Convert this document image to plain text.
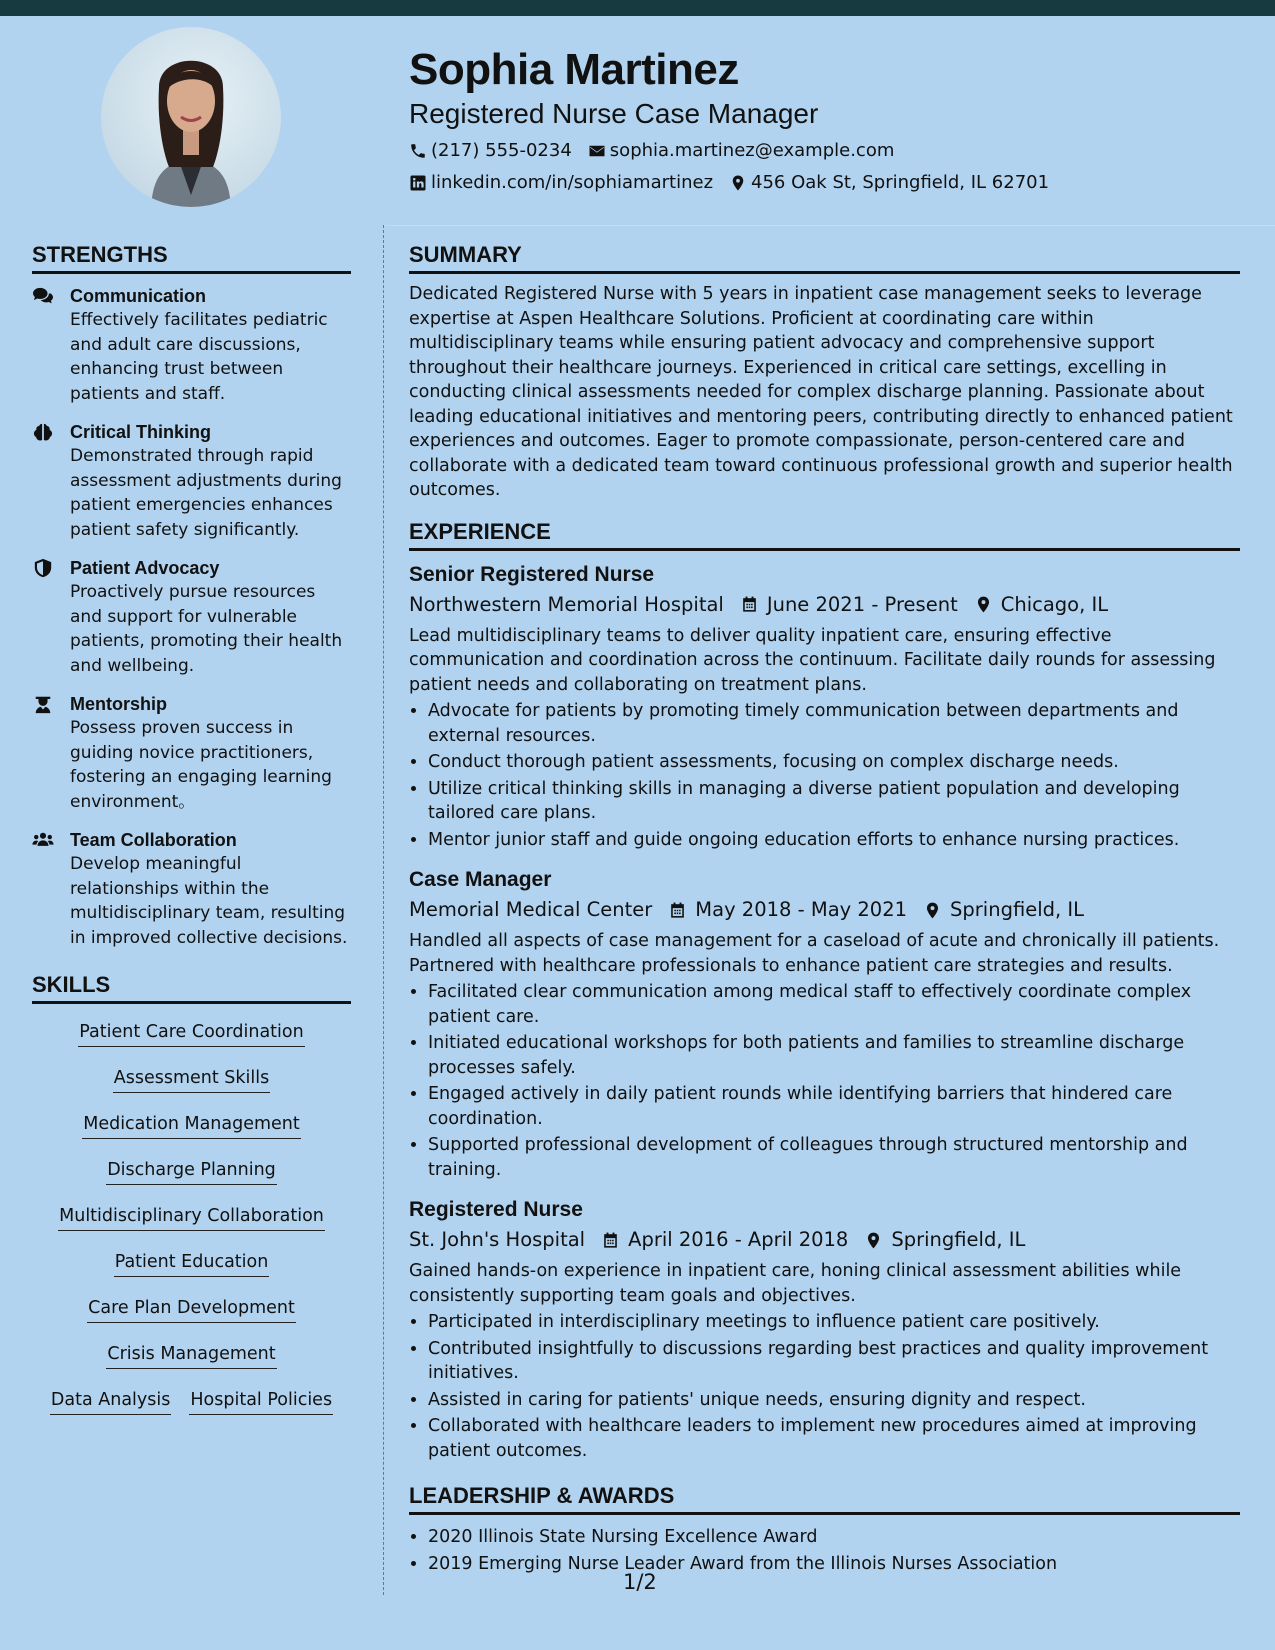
Sophia Martinez
Registered Nurse Case Manager
(217) 555-0234 sophia.martinez@example.com
linkedin.com/in/sophiamartinez 456 Oak St, Springfield, IL 62701
STRENGTHS
Communication
Effectively facilitates pediatric and adult care discussions, enhancing trust between patients and staff.
Critical Thinking
Demonstrated through rapid assessment adjustments during patient emergencies enhances patient safety significantly.
Patient Advocacy
Proactively pursue resources and support for vulnerable patients, promoting their health and wellbeing.
Mentorship
Possess proven success in guiding novice practitioners, fostering an engaging learning environment。
Team Collaboration
Develop meaningful relationships within the multidisciplinary team, resulting in improved collective decisions.
SKILLS
Patient Care Coordination
Assessment Skills
Medication Management
Discharge Planning
Multidisciplinary Collaboration
Patient Education
Care Plan Development
Crisis Management
Data Analysis Hospital Policies
SUMMARY
Dedicated Registered Nurse with 5 years in inpatient case management seeks to leverage expertise at Aspen Healthcare Solutions. Proficient at coordinating care within multidisciplinary teams while ensuring patient advocacy and comprehensive support throughout their healthcare journeys. Experienced in critical care settings, excelling in conducting clinical assessments needed for complex discharge planning. Passionate about leading educational initiatives and mentoring peers, contributing directly to enhanced patient experiences and outcomes. Eager to promote compassionate, person-centered care and collaborate with a dedicated team toward continuous professional growth and superior health outcomes.
EXPERIENCE
Senior Registered Nurse
Northwestern Memorial Hospital June 2021 - Present Chicago, IL
Lead multidisciplinary teams to deliver quality inpatient care, ensuring effective communication and coordination across the continuum. Facilitate daily rounds for assessing patient needs and collaborating on treatment plans.
• Advocate for patients by promoting timely communication between departments and external resources.
• Conduct thorough patient assessments, focusing on complex discharge needs.
• Utilize critical thinking skills in managing a diverse patient population and developing tailored care plans.
• Mentor junior staff and guide ongoing education efforts to enhance nursing practices.
Case Manager
Memorial Medical Center May 2018 - May 2021 Springfield, IL
Handled all aspects of case management for a caseload of acute and chronically ill patients. Partnered with healthcare professionals to enhance patient care strategies and results.
• Facilitated clear communication among medical staff to effectively coordinate complex patient care.
• Initiated educational workshops for both patients and families to streamline discharge processes safely.
• Engaged actively in daily patient rounds while identifying barriers that hindered care coordination.
• Supported professional development of colleagues through structured mentorship and training.
Registered Nurse
St. John's Hospital April 2016 - April 2018 Springfield, IL
Gained hands-on experience in inpatient care, honing clinical assessment abilities while consistently supporting team goals and objectives.
• Participated in interdisciplinary meetings to influence patient care positively.
• Contributed insightfully to discussions regarding best practices and quality improvement initiatives.
• Assisted in caring for patients' unique needs, ensuring dignity and respect.
• Collaborated with healthcare leaders to implement new procedures aimed at improving patient outcomes.
LEADERSHIP & AWARDS
• 2020 Illinois State Nursing Excellence Award
• 2019 Emerging Nurse Leader Award from the Illinois Nurses Association
1/2
